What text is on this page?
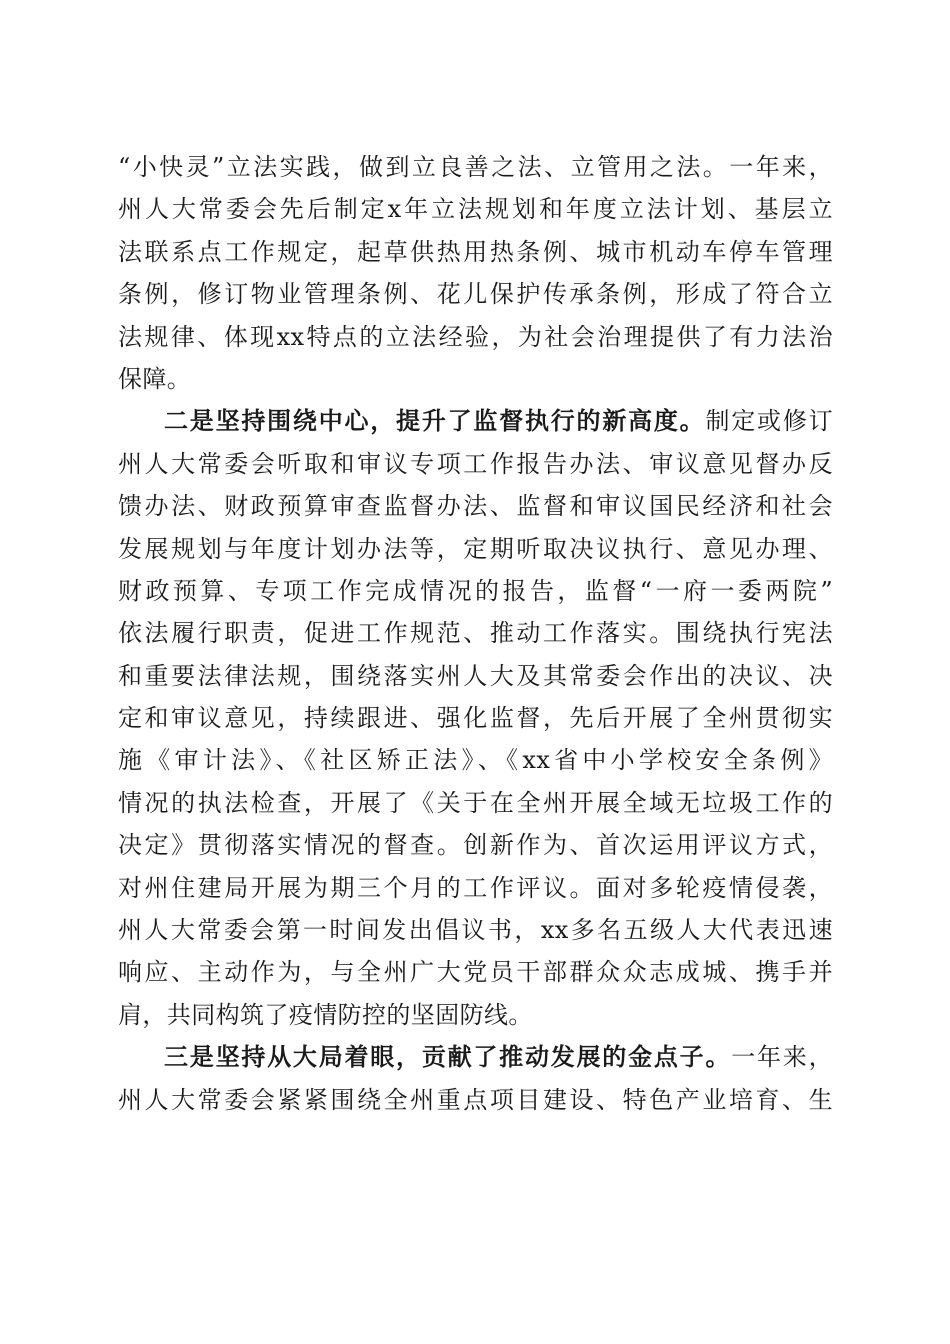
“小快灵”立法实践，做到立良善之法、立管用之法。一年来，
州人大常委会先后制定x年立法规划和年度立法计划、基层立
法联系点工作规定，起草供热用热条例、城市机动车停车管理
条例，修订物业管理条例、花儿保护传承条例，形成了符合立
法规律、体现xx特点的立法经验，为社会治理提供了有力法治
保障。
二是坚持围绕中心，提升了监督执行的新高度。制定或修订
州人大常委会听取和审议专项工作报告办法、审议意见督办反
馈办法、财政预算审查监督办法、监督和审议国民经济和社会
发展规划与年度计划办法等，定期听取决议执行、意见办理、
财政预算、专项工作完成情况的报告，监督“一府一委两院”
依法履行职责，促进工作规范、推动工作落实。围绕执行宪法
和重要法律法规，围绕落实州人大及其常委会作出的决议、决
定和审议意见，持续跟进、强化监督，先后开展了全州贯彻实
施《审计法》、《社区矫正法》、《xx省中小学校安全条例》
情况的执法检查，开展了《关于在全州开展全域无垃圾工作的
决定》贯彻落实情况的督查。创新作为、首次运用评议方式，
对州住建局开展为期三个月的工作评议。面对多轮疫情侵袭，
州人大常委会第一时间发出倡议书，xx多名五级人大代表迅速
响应、主动作为，与全州广大党员干部群众众志成城、携手并
肩，共同构筑了疫情防控的坚固防线。
三是坚持从大局着眼，贡献了推动发展的金点子。一年来，
州人大常委会紧紧围绕全州重点项目建设、特色产业培育、生
